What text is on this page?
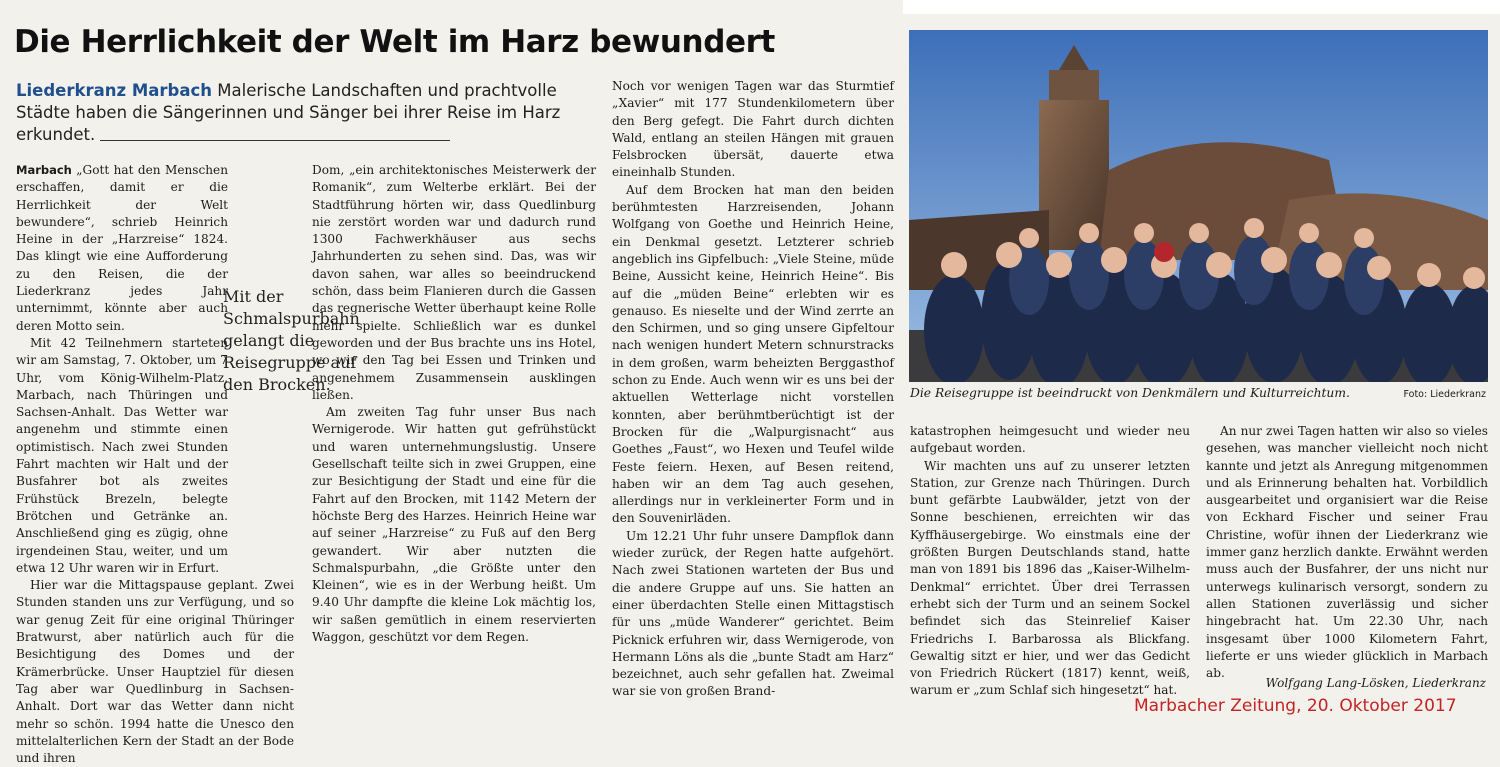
Die Herrlichkeit der Welt im Harz bewundert
Liederkranz Marbach Malerische Landschaften und prachtvolle Städte haben die Sängerinnen und Sänger bei ihrer Reise im Harz erkundet.

Marbach „Gott hat den Menschen erschaffen, damit er die Herrlichkeit der Welt bewundere“, schrieb Heinrich Heine in der „Harzreise“ 1824. Das klingt wie eine Aufforderung zu den Reisen, die der Liederkranz jedes Jahr unternimmt, könnte aber auch deren Motto sein.

Mit 42 Teilnehmern starteten wir am Samstag, 7. Oktober, um 7 Uhr, vom König-Wilhelm-Platz, Marbach, nach Thüringen und Sachsen-Anhalt. Das Wetter war angenehm und stimmte einen optimistisch. Nach zwei Stunden Fahrt machten wir Halt und der Busfahrer bot als zweites Frühstück Brezeln, belegte Brötchen und Getränke an. Anschließend ging es zügig, ohne irgendeinen Stau, weiter, und um etwa 12 Uhr waren wir in Erfurt.

Hier war die Mittagspause geplant. Zwei Stunden standen uns zur Verfügung, und so war genug Zeit für eine original Thüringer Bratwurst, aber natürlich auch für die Besichtigung des Domes und der Krämerbrücke. Unser Hauptziel für diesen Tag aber war Quedlinburg in Sachsen-Anhalt. Dort war das Wetter dann nicht mehr so schön. 1994 hatte die Unesco den mittelalterlichen Kern der Stadt an der Bode und ihren

Mit der Schmalspurbahn gelangt die Reisegruppe auf den Brocken.

Dom, „ein architektonisches Meisterwerk der Romanik“, zum Welterbe erklärt. Bei der Stadtführung hörten wir, dass Quedlinburg nie zerstört worden war und dadurch rund 1300 Fachwerkhäuser aus sechs Jahrhunderten zu sehen sind. Das, was wir davon sahen, war alles so beeindruckend schön, dass beim Flanieren durch die Gassen das regnerische Wetter überhaupt keine Rolle mehr spielte. Schließlich war es dunkel geworden und der Bus brachte uns ins Hotel, wo wir den Tag bei Essen und Trinken und angenehmem Zusammensein ausklingen ließen.

Am zweiten Tag fuhr unser Bus nach Wernigerode. Wir hatten gut gefrühstückt und waren unternehmungslustig. Unsere Gesellschaft teilte sich in zwei Gruppen, eine zur Besichtigung der Stadt und eine für die Fahrt auf den Brocken, mit 1142 Metern der höchste Berg des Harzes. Heinrich Heine war auf seiner „Harzreise“ zu Fuß auf den Berg gewandert. Wir aber nutzten die Schmalspurbahn, „die Größte unter den Kleinen“, wie es in der Werbung heißt. Um 9.40 Uhr dampfte die kleine Lok mächtig los, wir saßen gemütlich in einem reservierten Waggon, geschützt vor dem Regen.

Noch vor wenigen Tagen war das Sturmtief „Xavier“ mit 177 Stundenkilometern über den Berg gefegt. Die Fahrt durch dichten Wald, entlang an steilen Hängen mit grauen Felsbrocken übersät, dauerte etwa eineinhalb Stunden.

Auf dem Brocken hat man den beiden berühmtesten Harzreisenden, Johann Wolfgang von Goethe und Heinrich Heine, ein Denkmal gesetzt. Letzterer schrieb angeblich ins Gipfelbuch: „Viele Steine, müde Beine, Aussicht keine, Heinrich Heine“. Bis auf die „müden Beine“ erlebten wir es genauso. Es nieselte und der Wind zerrte an den Schirmen, und so ging unsere Gipfeltour nach wenigen hundert Metern schnurstracks in dem großen, warm beheizten Berggasthof schon zu Ende. Auch wenn wir es uns bei der aktuellen Wetterlage nicht vorstellen konnten, aber berühmtberüchtigt ist der Brocken für die „Walpurgisnacht“ aus Goethes „Faust“, wo Hexen und Teufel wilde Feste feiern. Hexen, auf Besen reitend, haben wir an dem Tag auch gesehen, allerdings nur in verkleinerter Form und in den Souvenirläden.

Um 12.21 Uhr fuhr unsere Dampflok dann wieder zurück, der Regen hatte aufgehört. Nach zwei Stationen warteten der Bus und die andere Gruppe auf uns. Sie hatten an einer überdachten Stelle einen Mittagstisch für uns „müde Wanderer“ gerichtet. Beim Picknick erfuhren wir, dass Wernigerode, von Hermann Löns als die „bunte Stadt am Harz“ bezeichnet, auch sehr gefallen hat. Zweimal war sie von großen Brand-

Die Reisegruppe ist beeindruckt von Denkmälern und Kulturreichtum.	Foto: Liederkranz

katastrophen heimgesucht und wieder neu aufgebaut worden.

Wir machten uns auf zu unserer letzten Station, zur Grenze nach Thüringen. Durch bunt gefärbte Laubwälder, jetzt von der Sonne beschienen, erreichten wir das Kyffhäusergebirge. Wo einstmals eine der größten Burgen Deutschlands stand, hatte man von 1891 bis 1896 das „Kaiser-Wilhelm-Denkmal“ errichtet. Über drei Terrassen erhebt sich der Turm und an seinem Sockel befindet sich das Steinrelief Kaiser Friedrichs I. Barbarossa als Blickfang. Gewaltig sitzt er hier, und wer das Gedicht von Friedrich Rückert (1817) kennt, weiß, warum er „zum Schlaf sich hingesetzt“ hat.

An nur zwei Tagen hatten wir also so vieles gesehen, was mancher vielleicht noch nicht kannte und jetzt als Anregung mitgenommen und als Erinnerung behalten hat. Vorbildlich ausgearbeitet und organisiert war die Reise von Eckhard Fischer und seiner Frau Christine, wofür ihnen der Liederkranz wie immer ganz herzlich dankte. Erwähnt werden muss auch der Busfahrer, der uns nicht nur unterwegs kulinarisch versorgt, sondern zu allen Stationen zuverlässig und sicher hingebracht hat. Um 22.30 Uhr, nach insgesamt über 1000 Kilometern Fahrt, lieferte er uns wieder glücklich in Marbach ab.

Wolfgang Lang-Lösken, Liederkranz
Marbacher Zeitung, 20. Oktober 2017
